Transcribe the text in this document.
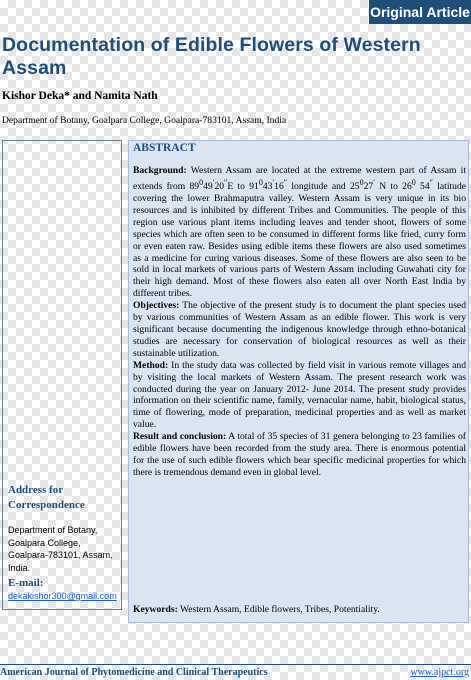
Original Article
Documentation of Edible Flowers of Western Assam
Kishor Deka* and Namita Nath
Department of Botany, Goalpara College, Goalpara-783101, Assam, India
Address for Correspondence
Department of Botany, Goalpara College, Goalpara-783101, Assam, India.
E-mail: dekakishor300@gmail.com
ABSTRACT

Background: Western Assam are located at the extreme western part of Assam it extends from $89^049'20''E$ to $91^043'16''$ longitude and $25^027'$ N to $26^0$ 54″ latitude covering the lower Brahmaputra valley. Western Assam is very unique in its bio resources and is inhibited by different Tribes and Communities. The people of this region use various plant items including leaves and tender shoot, flowers of some species which are often seen to be consumed in different forms like fried, curry form or even eaten raw. Besides using edible items these flowers are also used sometimes as a medicine for curing various diseases. Some of these flowers are also seen to be sold in local markets of various parts of Western Assam including Guwahati city for their high demand. Most of these flowers also eaten all over North East India by different tribes.

Objectives: The objective of the present study is to document the plant species used by various communities of Western Assam as an edible flower. This work is very significant because documenting the indigenous knowledge through ethno-botanical studies are necessary for conservation of biological resources as well as their sustainable utilization.

Method: In the study data was collected by field visit in various remote villages and by visiting the local markets of Western Assam. The present research work was conducted during the year on January 2012- June 2014. The present study provides information on their scientific name, family, vernacular name, habit, biological status, time of flowering, mode of preparation, medicinal properties and as well as market value.

Result and conclusion: A total of 35 species of 31 genera belonging to 23 families of edible flowers have been recorded from the study area. There is enormous potential for the use of such edible flowers which bear specific medicinal properties for which there is tremendous demand even in global level.

Keywords: Western Assam, Edible flowers, Tribes, Potentiality.
American Journal of Phytomedicine and Clinical Therapeutics	www.ajpct.org
